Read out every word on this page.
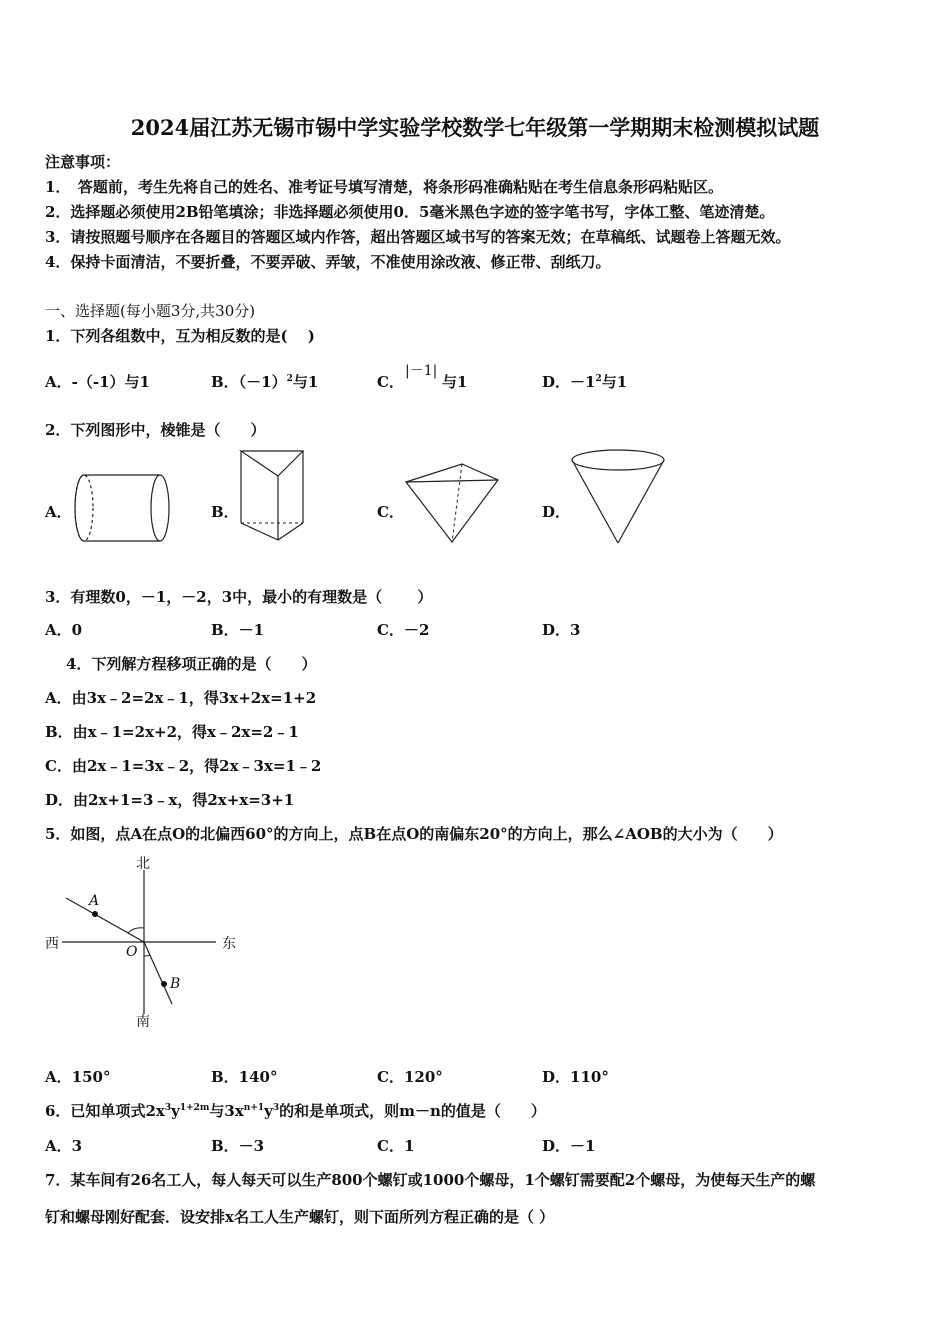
2024届江苏无锡市锡中学实验学校数学七年级第一学期期末检测模拟试题
注意事项：
1．　答题前，考生先将自己的姓名、准考证号填写清楚，将条形码准确粘贴在考生信息条形码粘贴区。
2．选择题必须使用2B铅笔填涂；非选择题必须使用0．5毫米黑色字迹的签字笔书写，字体工整、笔迹清楚。
3．请按照题号顺序在各题目的答题区域内作答，超出答题区域书写的答案无效；在草稿纸、试题卷上答题无效。
4．保持卡面清洁，不要折叠，不要弄破、弄皱，不准使用涂改液、修正带、刮纸刀。
一、选择题(每小题3分,共30分)
1．下列各组数中，互为相反数的是(　 )
A．-（-1）与1	B．$(-1)^2$与1	C．
|－1|
与1	D．$-1^2$与1
2．下列图形中，棱锥是（　　）
A．	B．	C．	D．
3．有理数0，－1，－2，3中，最小的有理数是（　　 ）
A．0	B．－1	C．－2	D．3
4．下列解方程移项正确的是（　　）
A．由3x﹣2=2x﹣1，得3x+2x=1+2
B．由x﹣1=2x+2，得x﹣2x=2﹣1
C．由2x﹣1=3x﹣2，得2x﹣3x=1﹣2
D．由2x+1=3﹣x，得2x+x=3+1
5．如图，点A在点O的北偏西60°的方向上，点B在点O的南偏东20°的方向上，那么∠AOB的大小为（　　）
北
南
西	东
A
O
B
A．150°	B．140°	C．120°	D．110°
6．已知单项式$2x^3y^{1+2m}$与$3x^{n+1}y^3$的和是单项式，则m－n的值是（　　）
A．3	B．－3	C．1	D．－1
7．某车间有26名工人，每人每天可以生产800个螺钉或1000个螺母，1个螺钉需要配2个螺母，为使每天生产的螺
钉和螺母刚好配套．设安排x名工人生产螺钉，则下面所列方程正确的是（ ）
